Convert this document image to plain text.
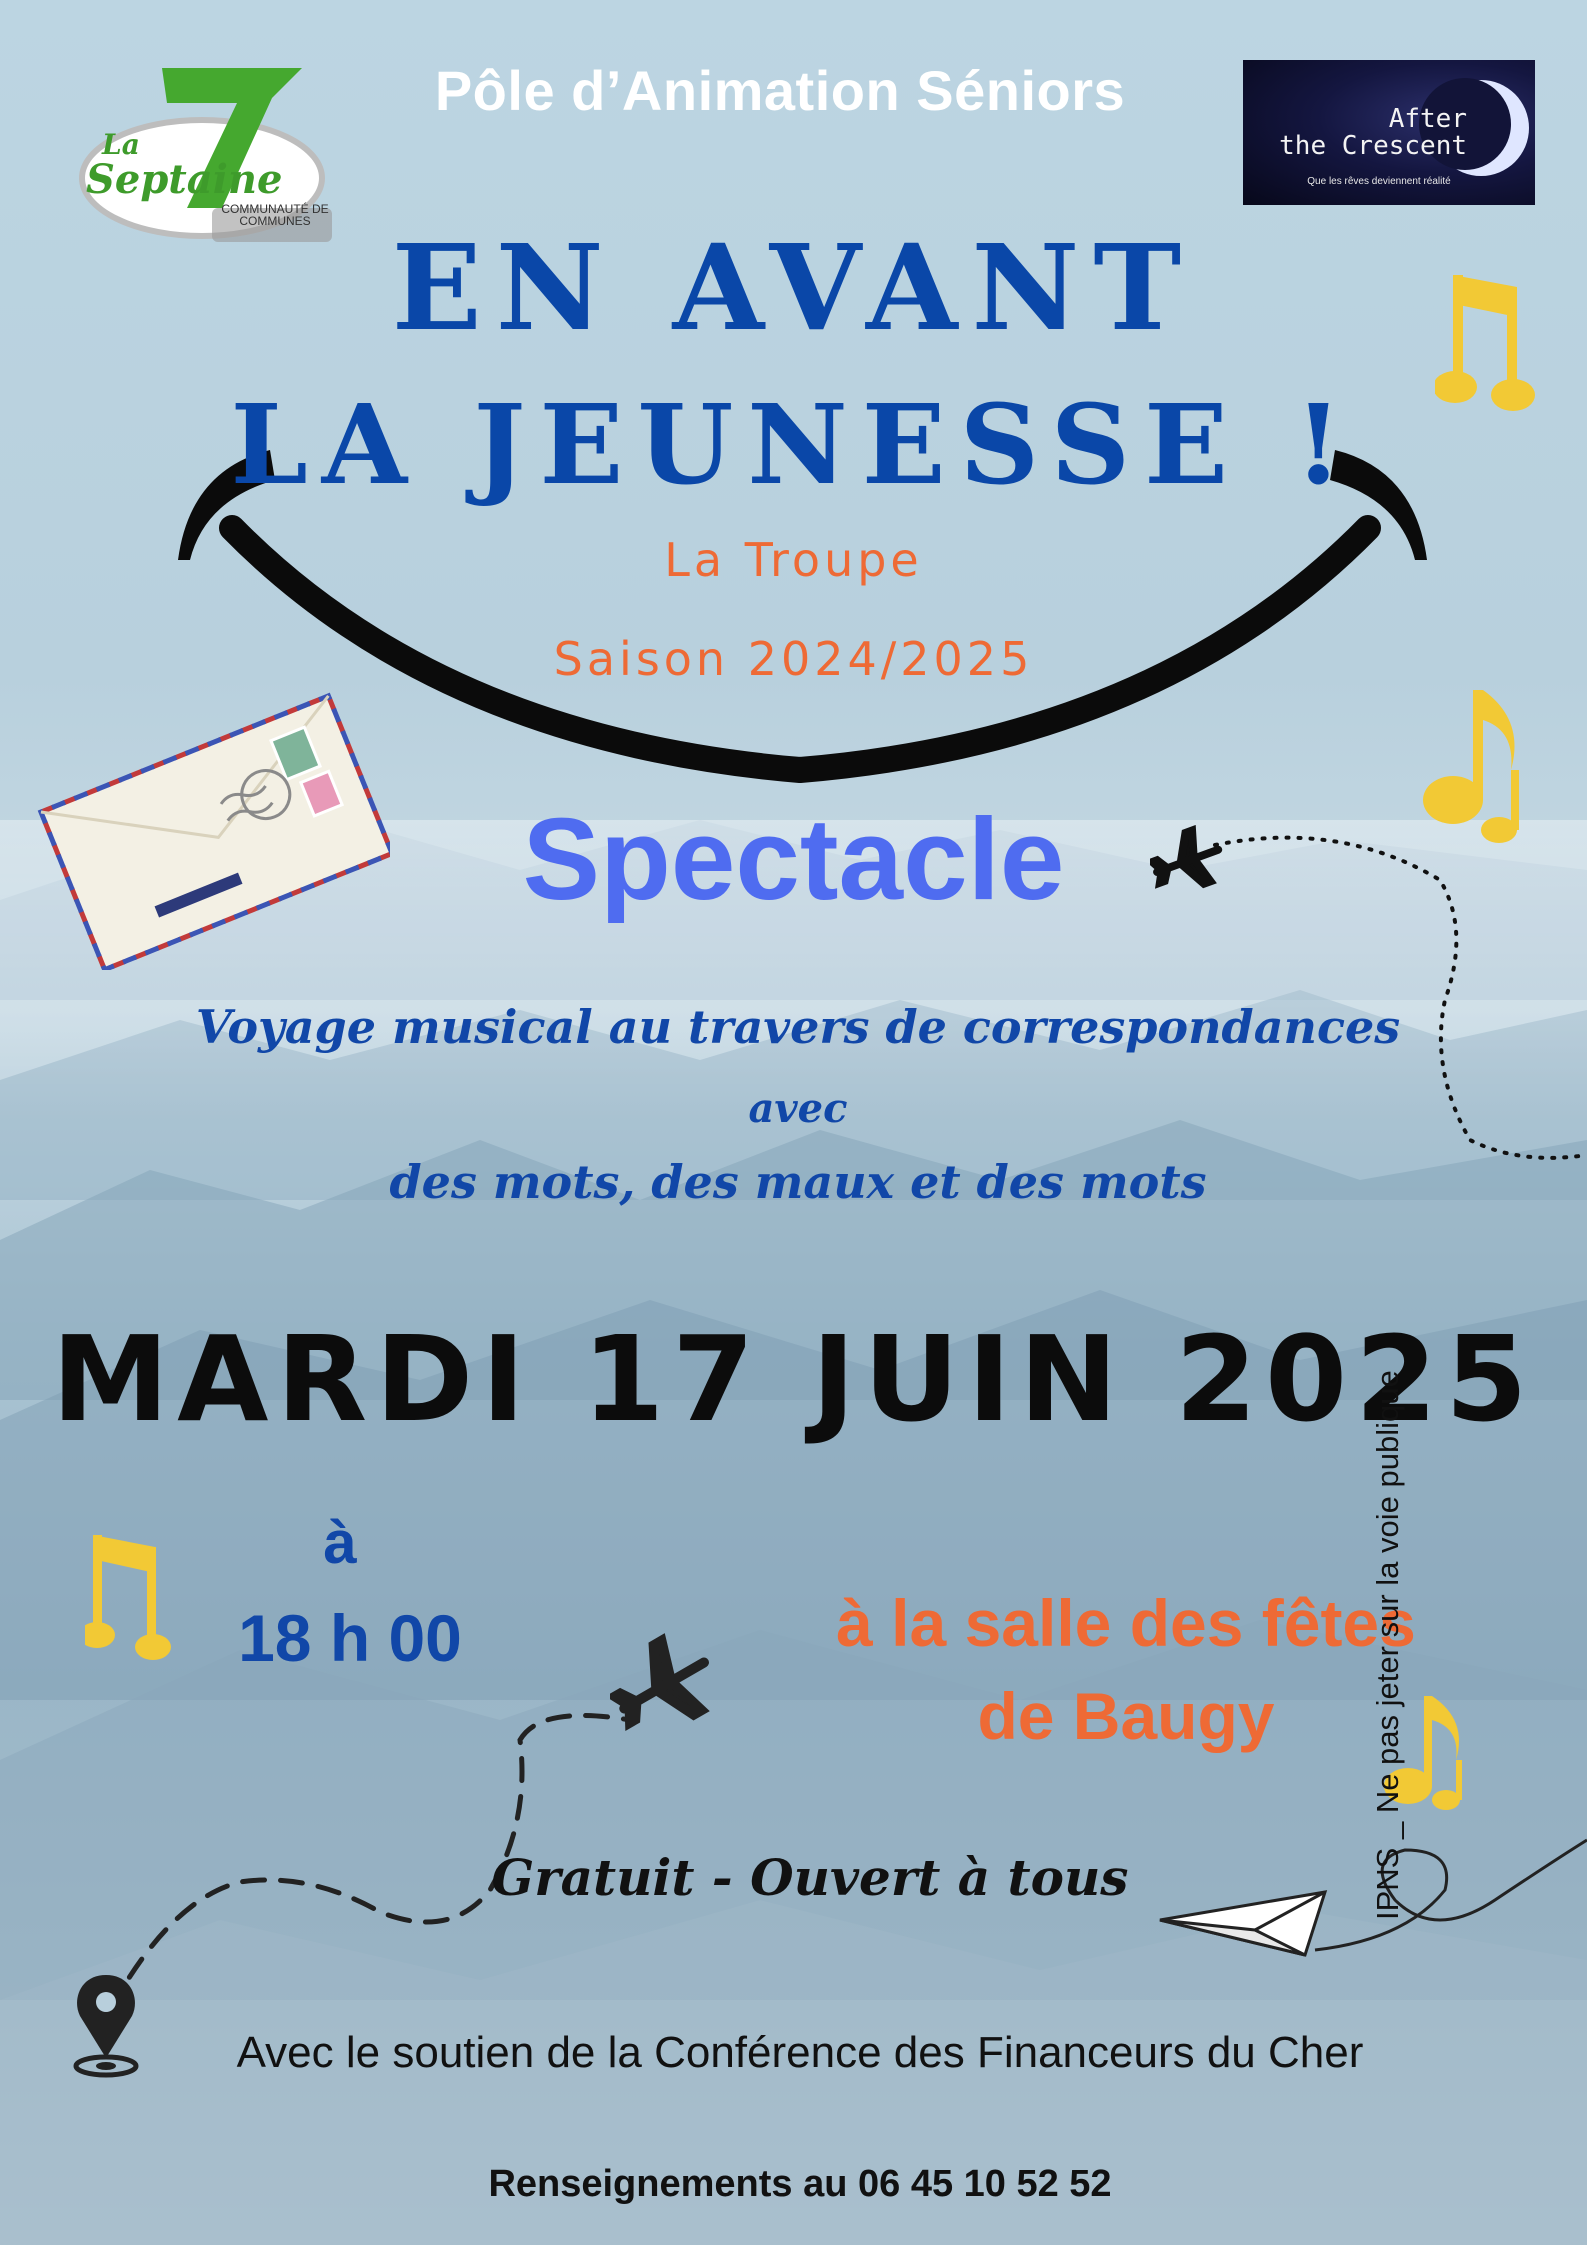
La
Septaine
COMMUNAUTÉ DE COMMUNES
Pôle d’Animation Séniors	After
the Crescent
Que les rêves deviennent réalité
EN AVANT
LA JEUNESSE !
La Troupe
Saison 2024/2025
Spectacle
Voyage musical au travers de correspondances
avec
des mots, des maux et des mots
MARDI 17 JUIN 2025
à
18 h 00	à la salle des fêtes
de Baugy
Gratuit - Ouvert à tous
Avec le soutien de la Conférence des Financeurs du Cher
Renseignements au 06 45 10 52 52
IPNS _ Ne pas jeter sur la voie publique
